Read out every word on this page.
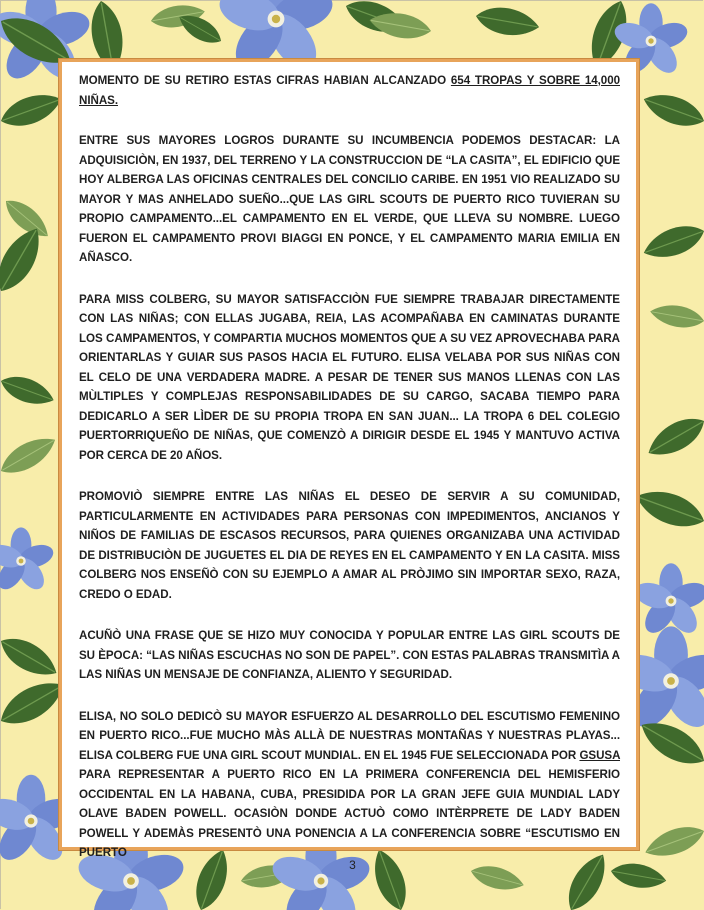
MOMENTO DE SU RETIRO ESTAS CIFRAS HABIAN ALCANZADO 654 TROPAS Y SOBRE 14,000 NIÑAS.

ENTRE SUS MAYORES LOGROS DURANTE SU INCUMBENCIA PODEMOS DESTACAR: LA ADQUISICIÒN, EN 1937, DEL TERRENO Y LA CONSTRUCCION DE “LA CASITA”, EL EDIFICIO QUE HOY ALBERGA LAS OFICINAS CENTRALES DEL CONCILIO CARIBE. EN 1951 VIO REALIZADO SU MAYOR Y MAS ANHELADO SUEÑO...QUE LAS GIRL SCOUTS DE PUERTO RICO TUVIERAN SU PROPIO CAMPAMENTO...EL CAMPAMENTO EN EL VERDE, QUE LLEVA SU NOMBRE. LUEGO FUERON EL CAMPAMENTO PROVI BIAGGI EN PONCE, Y EL CAMPAMENTO MARIA EMILIA EN AÑASCO.

PARA MISS COLBERG, SU MAYOR SATISFACCIÒN FUE SIEMPRE TRABAJAR DIRECTAMENTE CON LAS NIÑAS; CON ELLAS JUGABA, REIA, LAS ACOMPAÑABA EN CAMINATAS DURANTE LOS CAMPAMENTOS, Y COMPARTIA MUCHOS MOMENTOS QUE A SU VEZ APROVECHABA PARA ORIENTARLAS Y GUIAR SUS PASOS HACIA EL FUTURO. ELISA VELABA POR SUS NIÑAS CON EL CELO DE UNA VERDADERA MADRE. A PESAR DE TENER SUS MANOS LLENAS CON LAS MÙLTIPLES Y COMPLEJAS RESPONSABILIDADES DE SU CARGO, SACABA TIEMPO PARA DEDICARLO A SER LÌDER DE SU PROPIA TROPA EN SAN JUAN... LA TROPA 6 DEL COLEGIO PUERTORRIQUEÑO DE NIÑAS, QUE COMENZÒ A DIRIGIR DESDE EL 1945 Y MANTUVO ACTIVA POR CERCA DE 20 AÑOS.

PROMOVIÒ SIEMPRE ENTRE LAS NIÑAS EL DESEO DE SERVIR A SU COMUNIDAD, PARTICULARMENTE EN ACTIVIDADES PARA PERSONAS CON IMPEDIMENTOS, ANCIANOS Y NIÑOS DE FAMILIAS DE ESCASOS RECURSOS, PARA QUIENES ORGANIZABA UNA ACTIVIDAD DE DISTRIBUCIÒN DE JUGUETES EL DIA DE REYES EN EL CAMPAMENTO Y EN LA CASITA. MISS COLBERG NOS ENSEÑÒ CON SU EJEMPLO A AMAR AL PRÒJIMO SIN IMPORTAR SEXO, RAZA, CREDO O EDAD.

ACUÑÒ UNA FRASE QUE SE HIZO MUY CONOCIDA Y POPULAR ENTRE LAS GIRL SCOUTS DE SU ÈPOCA: “LAS NIÑAS ESCUCHAS NO SON DE PAPEL”. CON ESTAS PALABRAS TRANSMITÌA A LAS NIÑAS UN MENSAJE DE CONFIANZA, ALIENTO Y SEGURIDAD.

ELISA, NO SOLO DEDICÒ SU MAYOR ESFUERZO AL DESARROLLO DEL ESCUTISMO FEMENINO EN PUERTO RICO...FUE MUCHO MÀS ALLÀ DE NUESTRAS MONTAÑAS Y NUESTRAS PLAYAS... ELISA COLBERG FUE UNA GIRL SCOUT MUNDIAL. EN EL 1945 FUE SELECCIONADA POR GSUSA PARA REPRESENTAR A PUERTO RICO EN LA PRIMERA CONFERENCIA DEL HEMISFERIO OCCIDENTAL EN LA HABANA, CUBA, PRESIDIDA POR LA GRAN JEFE GUIA MUNDIAL LADY OLAVE BADEN POWELL. OCASIÒN DONDE ACTUÒ COMO INTÈRPRETE DE LADY BADEN POWELL Y ADEMÀS PRESENTÒ UNA PONENCIA A LA CONFERENCIA SOBRE “ESCUTISMO EN PUERTO

3
